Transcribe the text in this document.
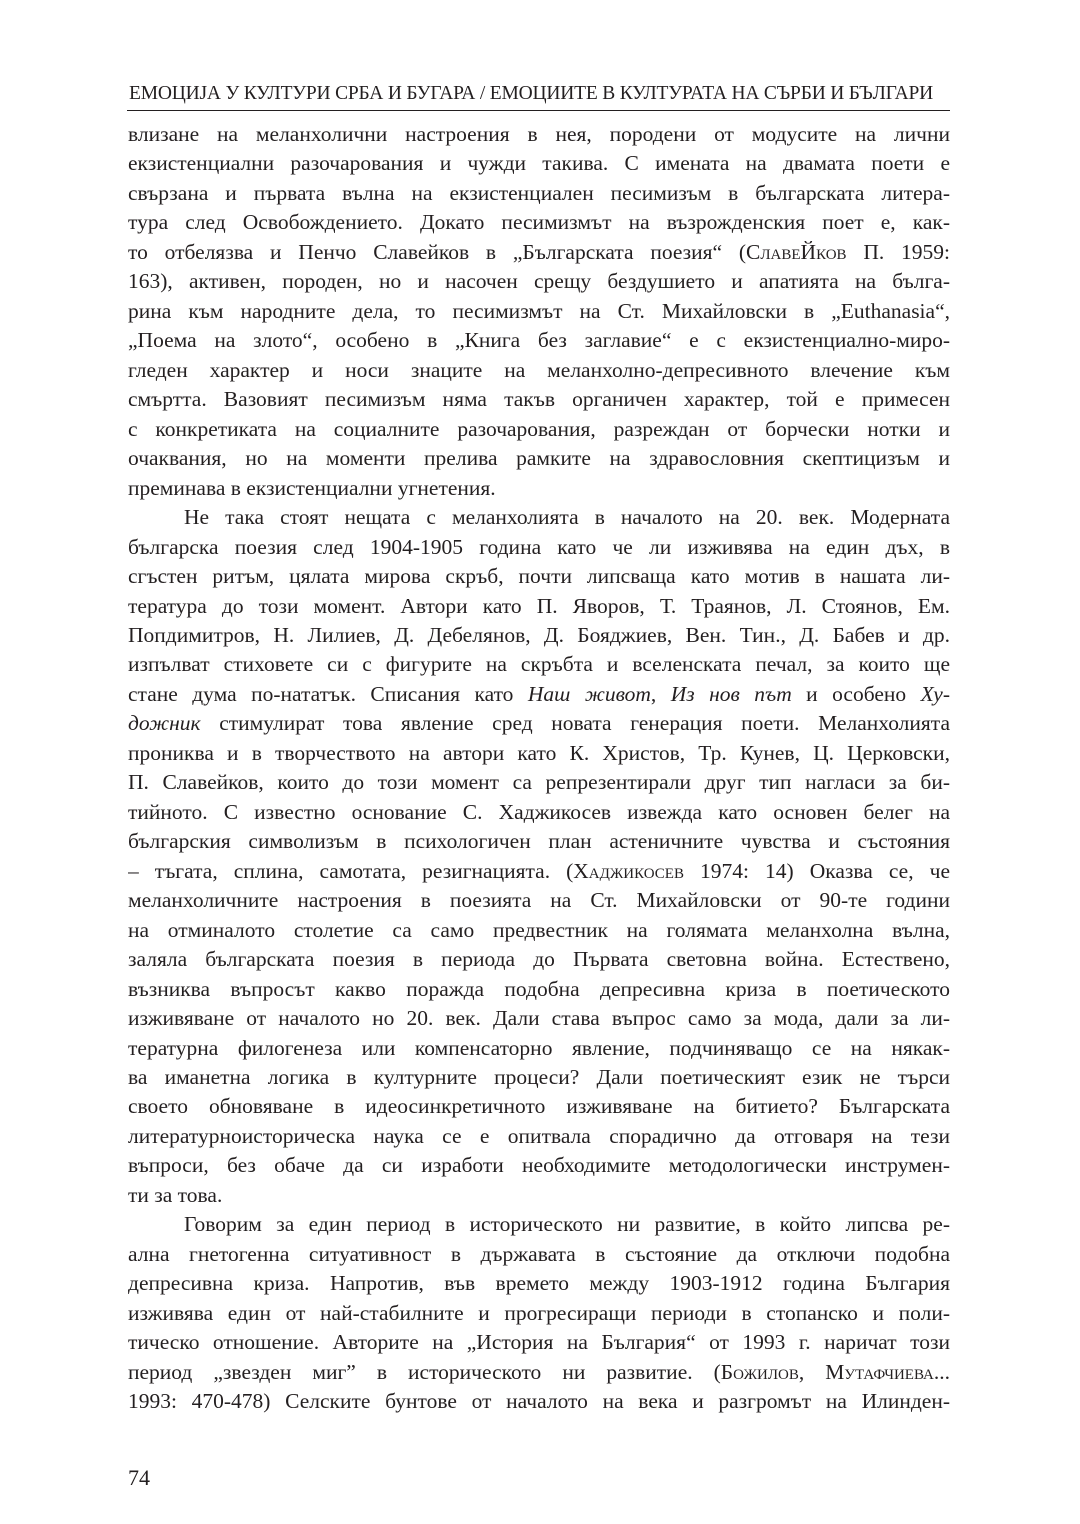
ЕМОЦИЈА У КУЛТУРИ СРБА И БУГАРА / ЕМОЦИИТЕ В КУЛТУРАТА НА СЪРБИ И БЪЛГАРИ
влизане на меланхолични настроения в нея, породени от модусите на лични
екзистенциални разочарования и чужди такива. С имената на двамата поети е
свързана и първата вълна на екзистенциален песимизъм в българската литера-
тура след Освобождението. Докато песимизмът на възрожденския поет е, как-
то отбелязва и Пенчо Славейков в „Българската поезия“ (СлавеЙков П. 1959:
163), активен, породен, но и насочен срещу бездушието и апатията на бълга-
рина към народните дела, то песимизмът на Ст. Михайловски в „Euthanasia“,
„Поема на злото“, особено в „Книга без заглавие“ е с екзистенциално-миро-
гледен характер и носи знаците на меланхолно-депресивното влечение към
смъртта. Вазовият песимизъм няма такъв органичен характер, той е примесен
с конкретиката на социалните разочарования, разреждан от борчески нотки и
очаквания, но на моменти прелива рамките на здравословния скептицизъм и
преминава в екзистенциални угнетения.
Не така стоят нещата с меланхолията в началото на 20. век. Модерната
българска поезия след 1904-1905 година като че ли изживява на един дъх, в
сгъстен ритъм, цялата мирова скръб, почти липсваща като мотив в нашата ли-
тературa до този момент. Автори като П. Яворов, Т. Траянов, Л. Стоянов, Ем.
Попдимитров, Н. Лилиев, Д. Дебелянов, Д. Бояджиев, Вен. Тин., Д. Бабев и др.
изпълват стиховете си с фигурите на скръбта и вселенската печал, за които ще
стане дума по-нататък. Списания като Наш живот, Из нов път и особено Ху-
дожник стимулират това явление сред новата генерация поети. Меланхолията
прониква и в творчеството на автори като К. Христов, Тр. Кунев, Ц. Церковски,
П. Славейков, които до този момент са репрезентирали друг тип нагласи за би-
тийното. С известно основание С. Хаджикосев извежда като основен белег на
българския символизъм в психологичен план астеничните чувства и състояния
– тъгата, сплина, самотата, резигнацията. (Хаджикосев 1974: 14) Оказва се, че
меланхоличните настроения в поезията на Ст. Михайловски от 90-те години
на отминалото столетие са само предвестник на голямата меланхолна вълна,
заляла българската поезия в периода до Първата световна война. Естествено,
възниква въпросът какво поражда подобна депресивна криза в поетическото
изживяване от началото но 20. век. Дали става въпрос само за мода, дали за ли-
тературна филогенеза или компенсаторно явление, подчиняващо се на някак-
ва иманетна логика в културните процеси? Дали поетическият език не търси
своето обновяване в идеосинкретичното изживяване на битието? Българската
литературноисторическа наука се е опитвала спорадично да отговаря на тези
въпроси, без обаче да си изработи необходимите методологически инструмен-
ти за това.
Говорим за един период в историческото ни развитие, в който липсва ре-
ална гнетогенна ситуативност в държавата в състояние да отключи подобна
депресивна криза. Напротив, във времето между 1903-1912 година България
изживява един от най-стабилните и прогресиращи периоди в стопанско и поли-
тическо отношение. Авторите на „История на България“ от 1993 г. наричат този
период „звезден миг” в историческото ни развитие. (Божилов, Мутафчиева...
1993: 470-478) Селските бунтове от началото на века и разгромът на Илинден-
74
